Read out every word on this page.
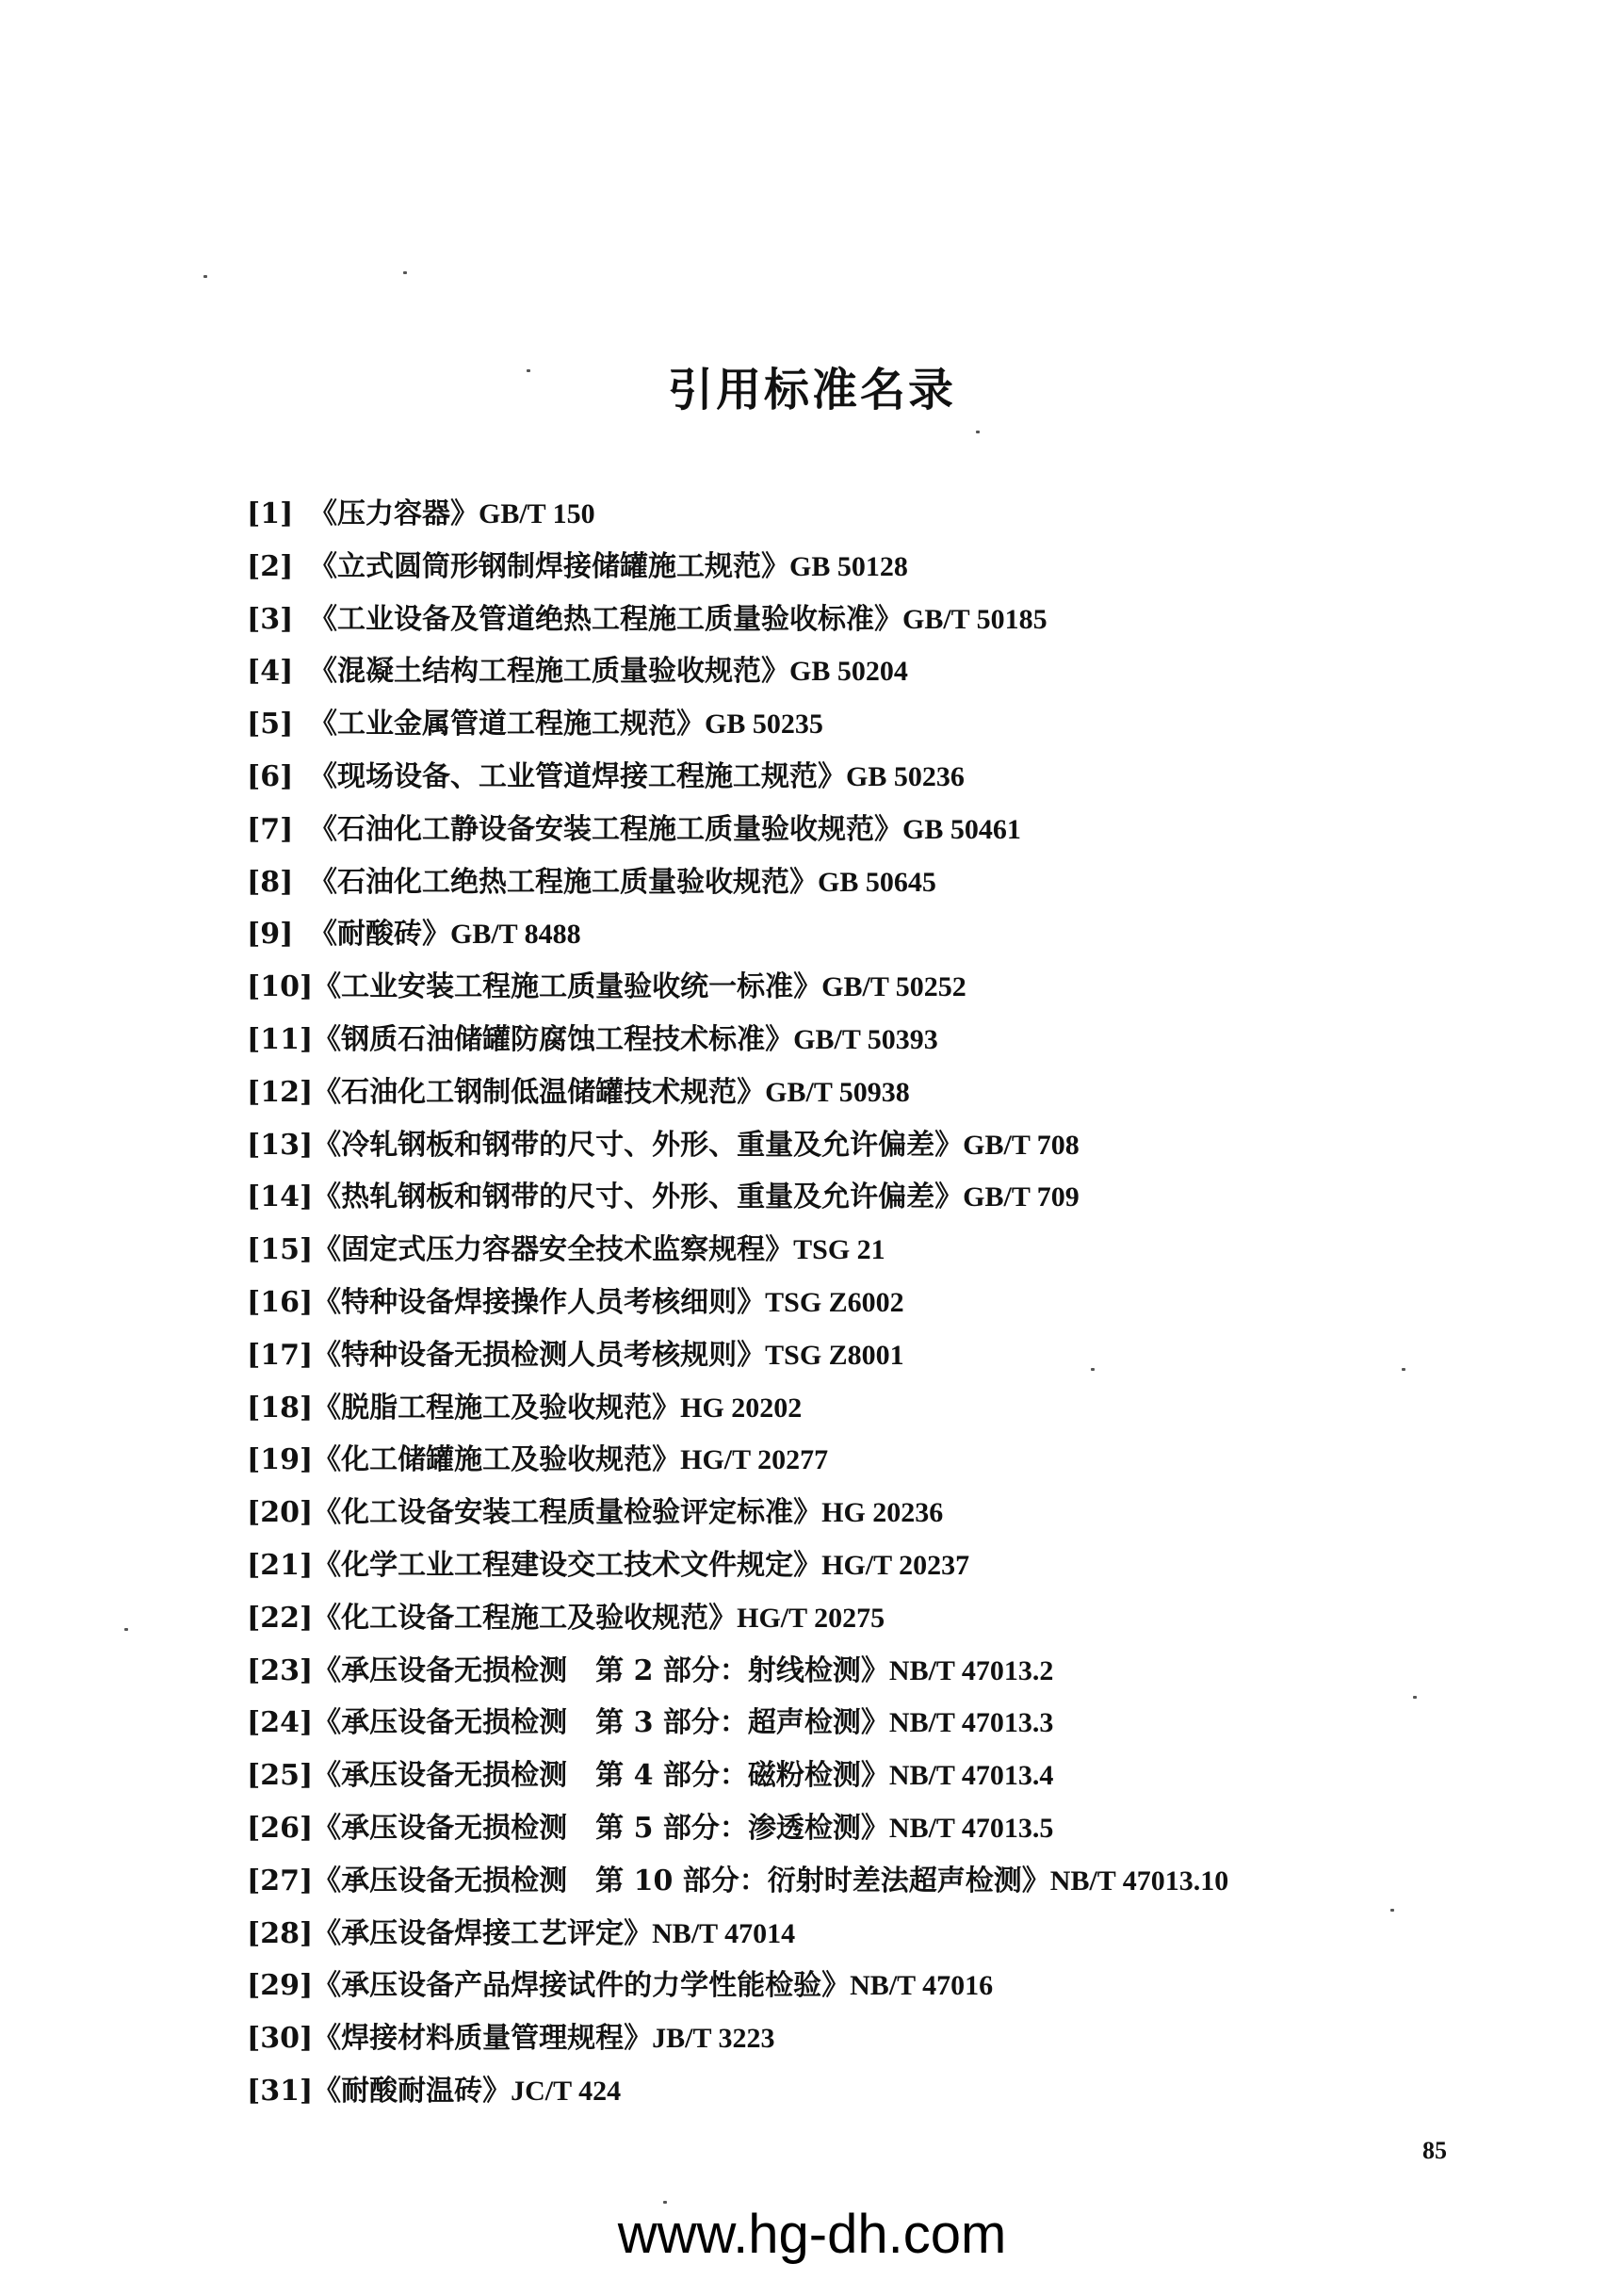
引用标准名录
[1] 《压力容器》GB/T 150
[2] 《立式圆筒形钢制焊接储罐施工规范》GB 50128
[3] 《工业设备及管道绝热工程施工质量验收标准》GB/T 50185
[4] 《混凝土结构工程施工质量验收规范》GB 50204
[5] 《工业金属管道工程施工规范》GB 50235
[6] 《现场设备、工业管道焊接工程施工规范》GB 50236
[7] 《石油化工静设备安装工程施工质量验收规范》GB 50461
[8] 《石油化工绝热工程施工质量验收规范》GB 50645
[9] 《耐酸砖》GB/T 8488
[10]《工业安装工程施工质量验收统一标准》GB/T 50252
[11]《钢质石油储罐防腐蚀工程技术标准》GB/T 50393
[12]《石油化工钢制低温储罐技术规范》GB/T 50938
[13]《冷轧钢板和钢带的尺寸、外形、重量及允许偏差》GB/T 708
[14]《热轧钢板和钢带的尺寸、外形、重量及允许偏差》GB/T 709
[15]《固定式压力容器安全技术监察规程》TSG 21
[16]《特种设备焊接操作人员考核细则》TSG Z6002
[17]《特种设备无损检测人员考核规则》TSG Z8001
[18]《脱脂工程施工及验收规范》HG 20202
[19]《化工储罐施工及验收规范》HG/T 20277
[20]《化工设备安装工程质量检验评定标准》HG 20236
[21]《化学工业工程建设交工技术文件规定》HG/T 20237
[22]《化工设备工程施工及验收规范》HG/T 20275
[23]《承压设备无损检测　第 2 部分：射线检测》NB/T 47013.2
[24]《承压设备无损检测　第 3 部分：超声检测》NB/T 47013.3
[25]《承压设备无损检测　第 4 部分：磁粉检测》NB/T 47013.4
[26]《承压设备无损检测　第 5 部分：渗透检测》NB/T 47013.5
[27]《承压设备无损检测　第 10 部分：衍射时差法超声检测》NB/T 47013.10
[28]《承压设备焊接工艺评定》NB/T 47014
[29]《承压设备产品焊接试件的力学性能检验》NB/T 47016
[30]《焊接材料质量管理规程》JB/T 3223
[31]《耐酸耐温砖》JC/T 424
85
www.hg-dh.com
